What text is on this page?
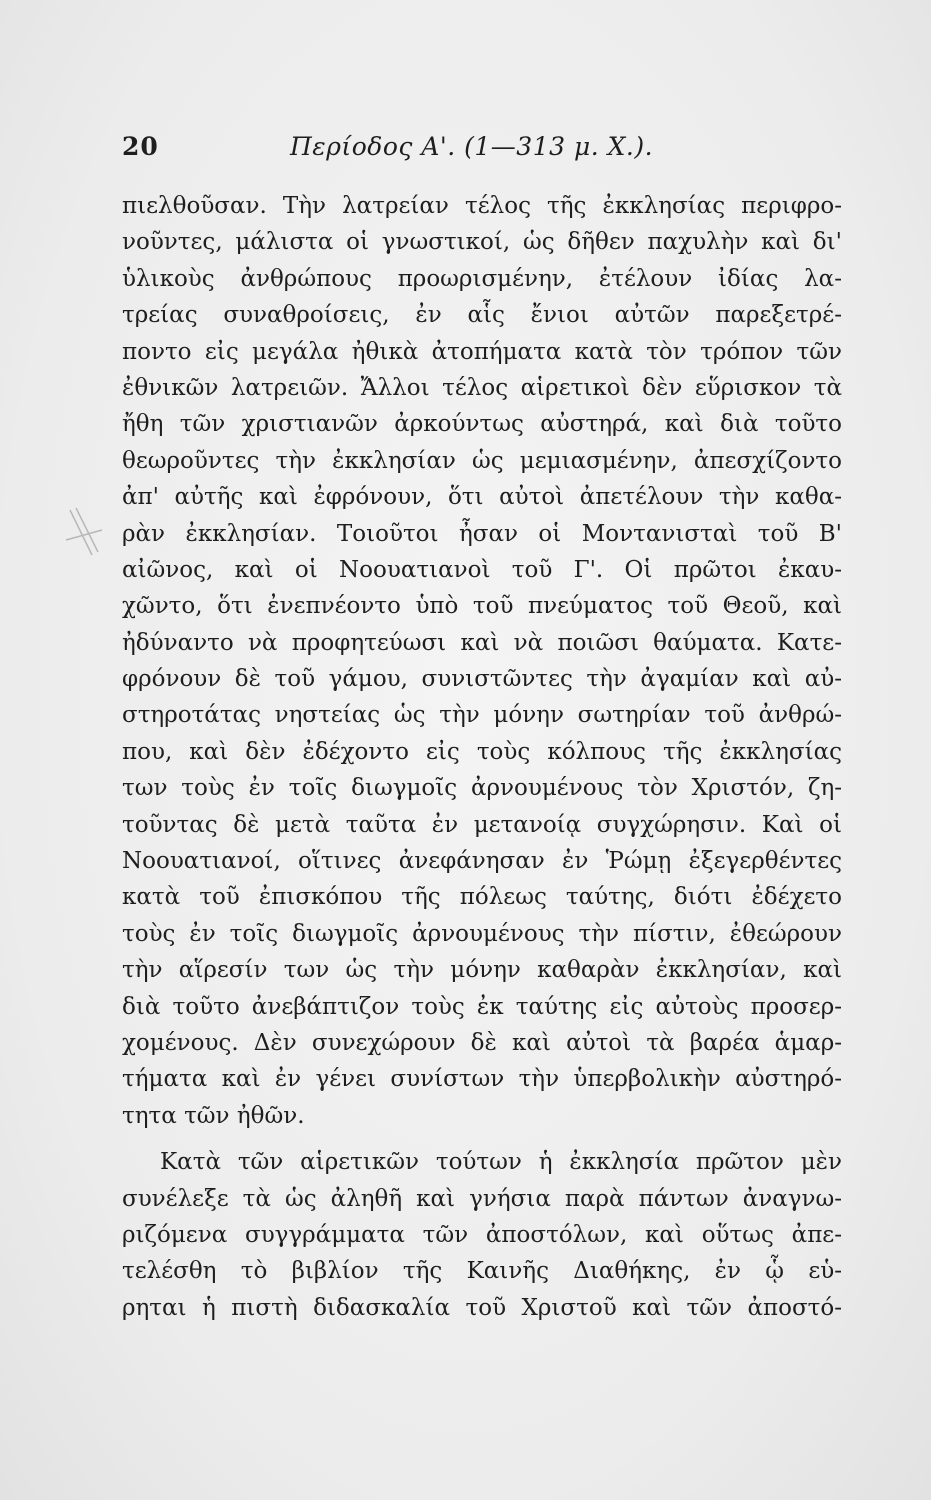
20	Περίοδος Α'. (1—313 μ. Χ.).
πιελθοῦσαν. Τὴν λατρείαν τέλος τῆς ἐκκλησίας περιφρο-
νοῦντες, μάλιστα οἱ γνωστικοί, ὡς δῆθεν παχυλὴν καὶ δι'
ὑλικοὺς ἀνθρώπους προωρισμένην, ἐτέλουν ἰδίας λα-
τρείας συναθροίσεις, ἐν αἷς ἔνιοι αὐτῶν παρεξετρέ-
ποντο εἰς μεγάλα ἠθικὰ ἀτοπήματα κατὰ τὸν τρόπον τῶν
ἐθνικῶν λατρειῶν. Ἄλλοι τέλος αἱρετικοὶ δὲν εὕρισκον τὰ
ἤθη τῶν χριστιανῶν ἀρκούντως αὐστηρά, καὶ διὰ τοῦτο
θεωροῦντες τὴν ἐκκλησίαν ὡς μεμιασμένην, ἀπεσχίζοντο
ἀπ' αὐτῆς καὶ ἐφρόνουν, ὅτι αὐτοὶ ἀπετέλουν τὴν καθα-
ρὰν ἐκκλησίαν. Τοιοῦτοι ἦσαν οἱ Μοντανισταὶ τοῦ Β'
αἰῶνος, καὶ οἱ Νοουατιανοὶ τοῦ Γ'. Οἱ πρῶτοι ἐκαυ-
χῶντο, ὅτι ἐνεπνέοντο ὑπὸ τοῦ πνεύματος τοῦ Θεοῦ, καὶ
ἠδύναντο νὰ προφητεύωσι καὶ νὰ ποιῶσι θαύματα. Κατε-
φρόνουν δὲ τοῦ γάμου, συνιστῶντες τὴν ἀγαμίαν καὶ αὐ-
στηροτάτας νηστείας ὡς τὴν μόνην σωτηρίαν τοῦ ἀνθρώ-
που, καὶ δὲν ἐδέχοντο εἰς τοὺς κόλπους τῆς ἐκκλησίας
των τοὺς ἐν τοῖς διωγμοῖς ἀρνουμένους τὸν Χριστόν, ζη-
τοῦντας δὲ μετὰ ταῦτα ἐν μετανοίᾳ συγχώρησιν. Καὶ οἱ
Νοουατιανοί, οἵτινες ἀνεφάνησαν ἐν Ῥώμῃ ἐξεγερθέντες
κατὰ τοῦ ἐπισκόπου τῆς πόλεως ταύτης, διότι ἐδέχετο
τοὺς ἐν τοῖς διωγμοῖς ἀρνουμένους τὴν πίστιν, ἐθεώρουν
τὴν αἵρεσίν των ὡς τὴν μόνην καθαρὰν ἐκκλησίαν, καὶ
διὰ τοῦτο ἀνεβάπτιζον τοὺς ἐκ ταύτης εἰς αὐτοὺς προσερ-
χομένους. Δὲν συνεχώρουν δὲ καὶ αὐτοὶ τὰ βαρέα ἁμαρ-
τήματα καὶ ἐν γένει συνίστων τὴν ὑπερβολικὴν αὐστηρό-
τητα τῶν ἠθῶν.
Κατὰ τῶν αἱρετικῶν τούτων ἡ ἐκκλησία πρῶτον μὲν
συνέλεξε τὰ ὡς ἀληθῆ καὶ γνήσια παρὰ πάντων ἀναγνω-
ριζόμενα συγγράμματα τῶν ἀποστόλων, καὶ οὕτως ἀπε-
τελέσθη τὸ βιβλίον τῆς Καινῆς Διαθήκης, ἐν ᾧ εὑ-
ρηται ἡ πιστὴ διδασκαλία τοῦ Χριστοῦ καὶ τῶν ἀποστό-
